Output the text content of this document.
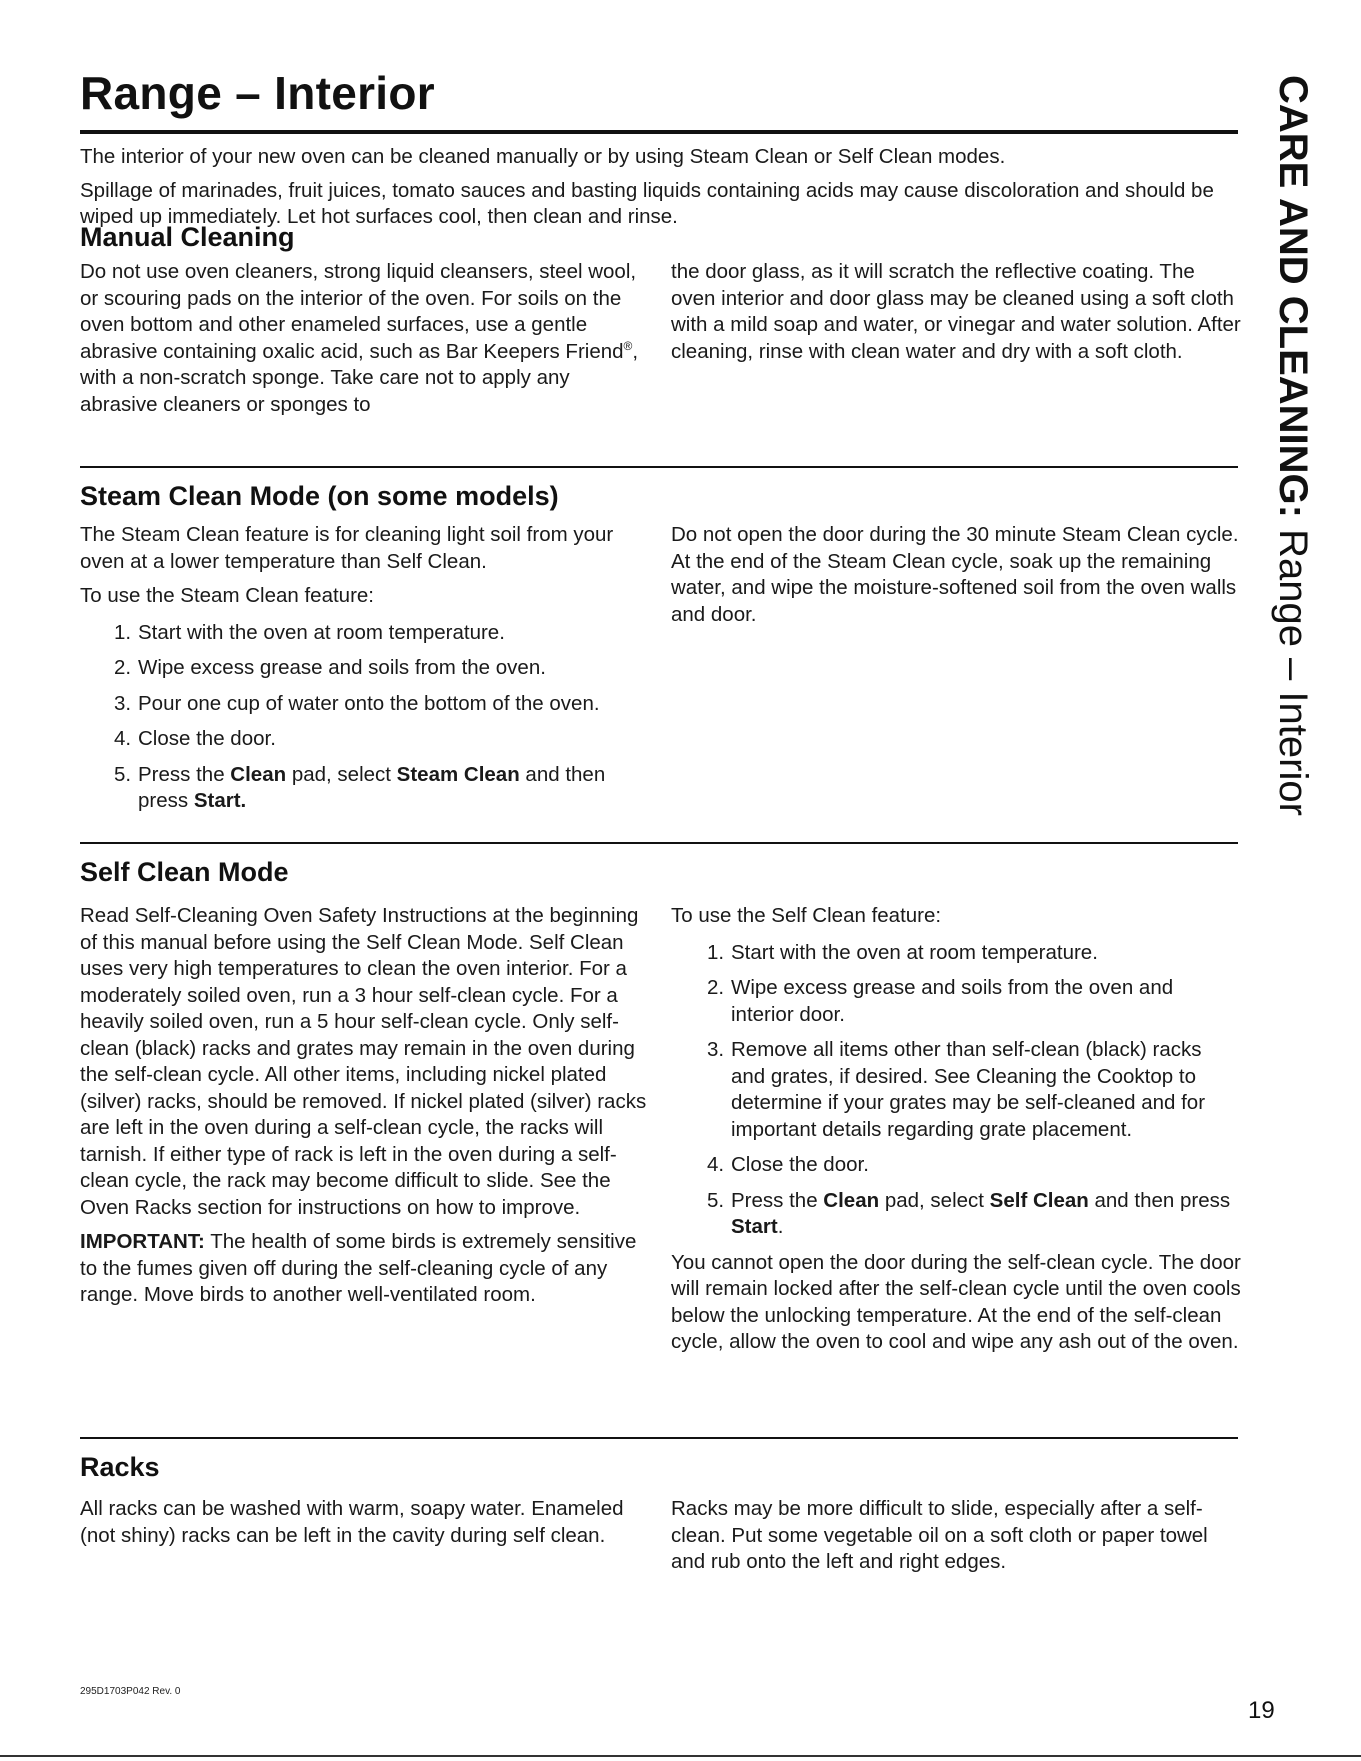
Range – Interior	CARE AND CLEANING: Range – Interior

The interior of your new oven can be cleaned manually or by using Steam Clean or Self Clean modes.

Spillage of marinades, fruit juices, tomato sauces and basting liquids containing acids may cause discoloration and should be wiped up immediately. Let hot surfaces cool, then clean and rinse.

Manual Cleaning

Do not use oven cleaners, strong liquid cleansers, steel wool, or scouring pads on the interior of the oven. For soils on the oven bottom and other enameled surfaces, use a gentle abrasive containing oxalic acid, such as Bar Keepers Friend®, with a non-scratch sponge. Take care not to apply any abrasive cleaners or sponges to

the door glass, as it will scratch the reflective coating. The oven interior and door glass may be cleaned using a soft cloth with a mild soap and water, or vinegar and water solution. After cleaning, rinse with clean water and dry with a soft cloth.

Steam Clean Mode (on some models)

The Steam Clean feature is for cleaning light soil from your oven at a lower temperature than Self Clean.

To use the Steam Clean feature:

1. Start with the oven at room temperature.
2. Wipe excess grease and soils from the oven.
3. Pour one cup of water onto the bottom of the oven.
4. Close the door.
5. Press the Clean pad, select Steam Clean and then press Start.

Do not open the door during the 30 minute Steam Clean cycle. At the end of the Steam Clean cycle, soak up the remaining water, and wipe the moisture-softened soil from the oven walls and door.

Self Clean Mode

Read Self-Cleaning Oven Safety Instructions at the beginning of this manual before using the Self Clean Mode. Self Clean uses very high temperatures to clean the oven interior. For a moderately soiled oven, run a 3 hour self-clean cycle. For a heavily soiled oven, run a 5 hour self-clean cycle. Only self-clean (black) racks and grates may remain in the oven during the self-clean cycle. All other items, including nickel plated (silver) racks, should be removed. If nickel plated (silver) racks are left in the oven during a self-clean cycle, the racks will tarnish. If either type of rack is left in the oven during a self-clean cycle, the rack may become difficult to slide. See the Oven Racks section for instructions on how to improve.

IMPORTANT: The health of some birds is extremely sensitive to the fumes given off during the self-cleaning cycle of any range. Move birds to another well-ventilated room.

To use the Self Clean feature:

1. Start with the oven at room temperature.
2. Wipe excess grease and soils from the oven and interior door.
3. Remove all items other than self-clean (black) racks and grates, if desired. See Cleaning the Cooktop to determine if your grates may be self-cleaned and for important details regarding grate placement.
4. Close the door.
5. Press the Clean pad, select Self Clean and then press Start.

You cannot open the door during the self-clean cycle. The door will remain locked after the self-clean cycle until the oven cools below the unlocking temperature. At the end of the self-clean cycle, allow the oven to cool and wipe any ash out of the oven.

Racks

All racks can be washed with warm, soapy water. Enameled (not shiny) racks can be left in the cavity during self clean.

Racks may be more difficult to slide, especially after a self-clean. Put some vegetable oil on a soft cloth or paper towel and rub onto the left and right edges.

295D1703P042 Rev. 0
19
